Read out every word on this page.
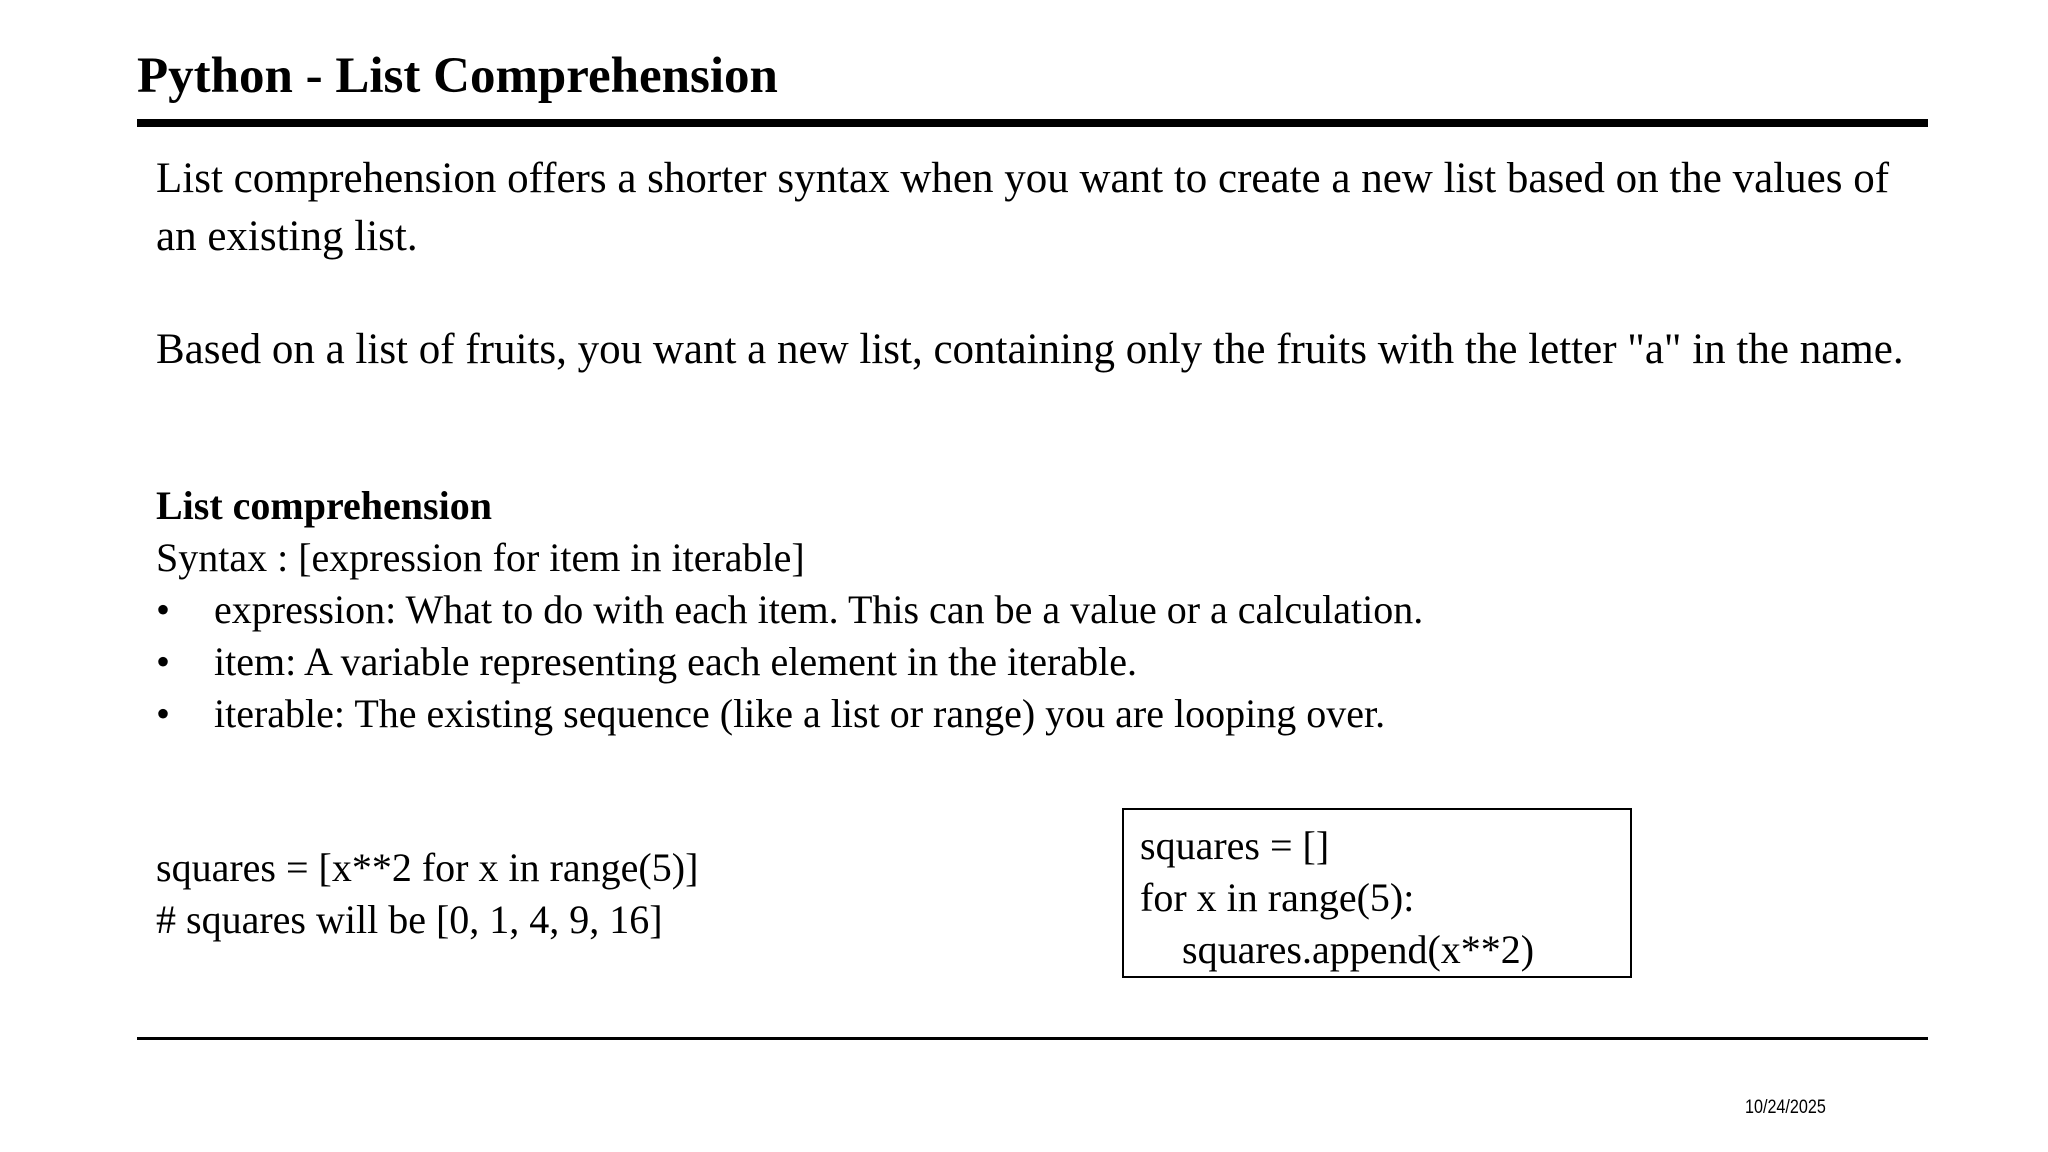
Python - List Comprehension
List comprehension offers a shorter syntax when you want to create a new list based on the values of an existing list.
Based on a list of fruits, you want a new list, containing only the fruits with the letter "a" in the name.
List comprehension
Syntax : [expression for item in iterable]
•	expression: What to do with each item. This can be a value or a calculation.
•	item: A variable representing each element in the iterable.
•	iterable: The existing sequence (like a list or range) you are looping over.
squares = [x**2 for x in range(5)]
# squares will be [0, 1, 4, 9, 16]
squares = []
for x in range(5):
squares.append(x**2)
10/24/2025
